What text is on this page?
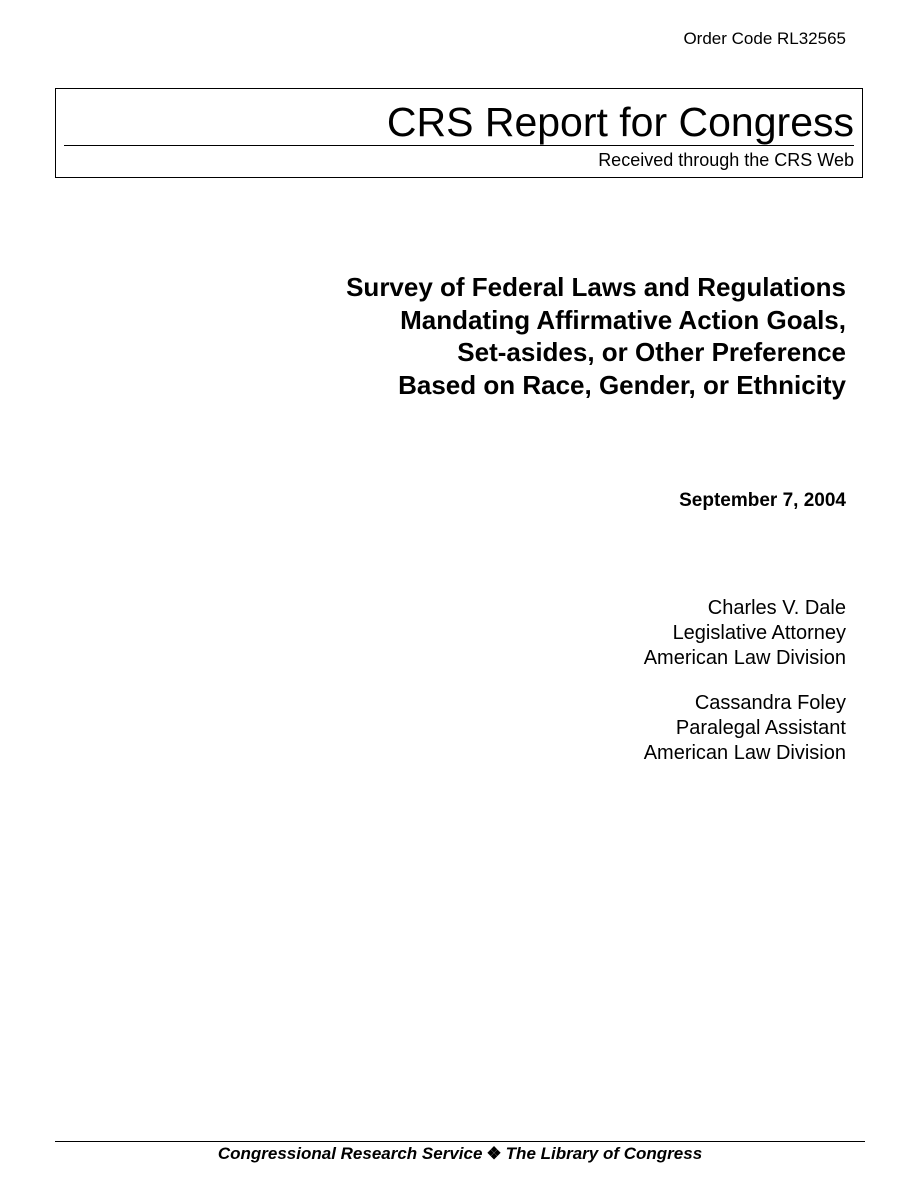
Order Code RL32565
CRS Report for Congress
Received through the CRS Web
Survey of Federal Laws and Regulations
Mandating Affirmative Action Goals,
Set-asides, or Other Preference
Based on Race, Gender, or Ethnicity
September 7, 2004
Charles V. Dale
Legislative Attorney
American Law Division
Cassandra Foley
Paralegal Assistant
American Law Division
Congressional Research Service ❖ The Library of Congress
